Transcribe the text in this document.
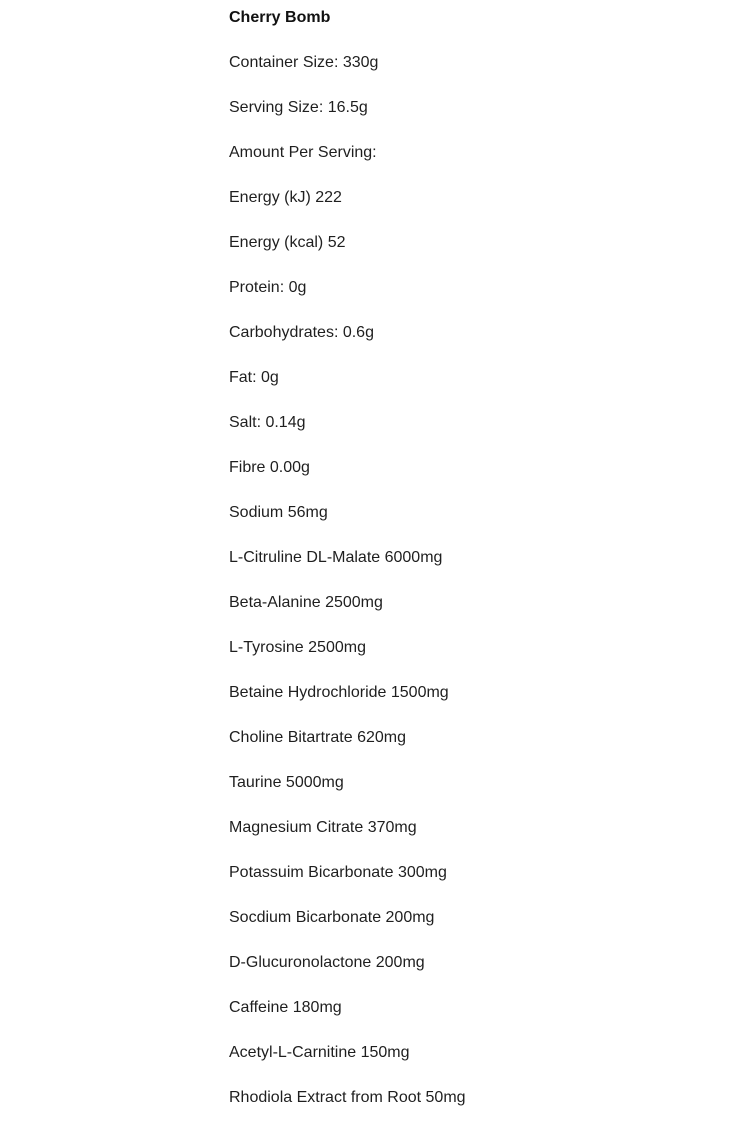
Cherry Bomb
Container Size: 330g
Serving Size: 16.5g
Amount Per Serving:
Energy (kJ) 222
Energy (kcal) 52
Protein: 0g
Carbohydrates: 0.6g
Fat: 0g
Salt: 0.14g
Fibre 0.00g
Sodium 56mg
L-Citruline DL-Malate 6000mg
Beta-Alanine 2500mg
L-Tyrosine 2500mg
Betaine Hydrochloride 1500mg
Choline Bitartrate 620mg
Taurine 5000mg
Magnesium Citrate 370mg
Potassuim Bicarbonate 300mg
Socdium Bicarbonate 200mg
D-Glucuronolactone 200mg
Caffeine 180mg
Acetyl-L-Carnitine 150mg
Rhodiola Extract from Root 50mg
